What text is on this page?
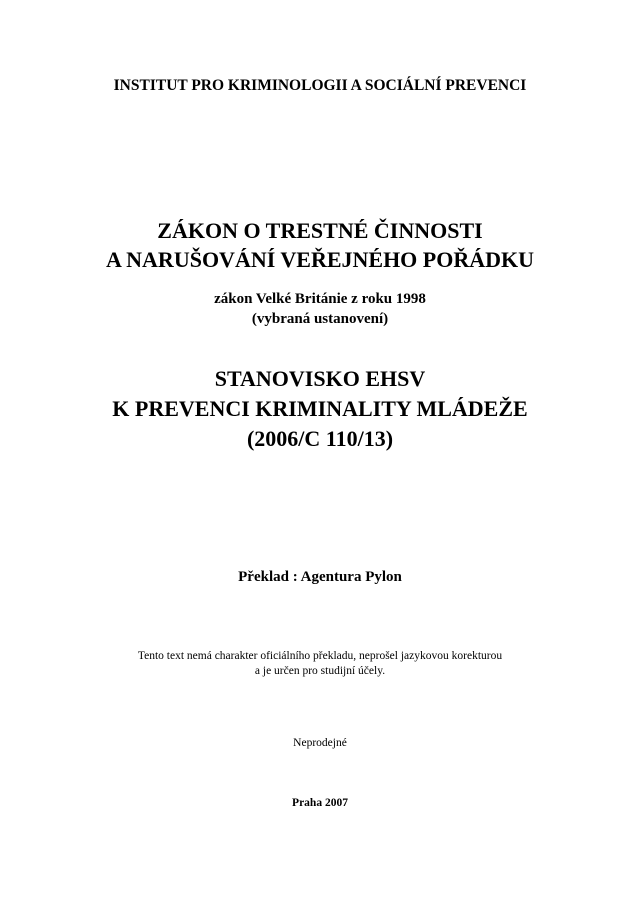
INSTITUT PRO KRIMINOLOGII A SOCIÁLNÍ PREVENCI
ZÁKON O TRESTNÉ ČINNOSTI
A NARUŠOVÁNÍ VEŘEJNÉHO POŘÁDKU
zákon Velké Británie z roku 1998
(vybraná ustanovení)
STANOVISKO EHSV
K PREVENCI KRIMINALITY MLÁDEŽE
(2006/C 110/13)
Překlad : Agentura Pylon
Tento text nemá charakter oficiálního překladu, neprošel jazykovou korekturou
a je určen pro studijní účely.
Neprodejné
Praha 2007
